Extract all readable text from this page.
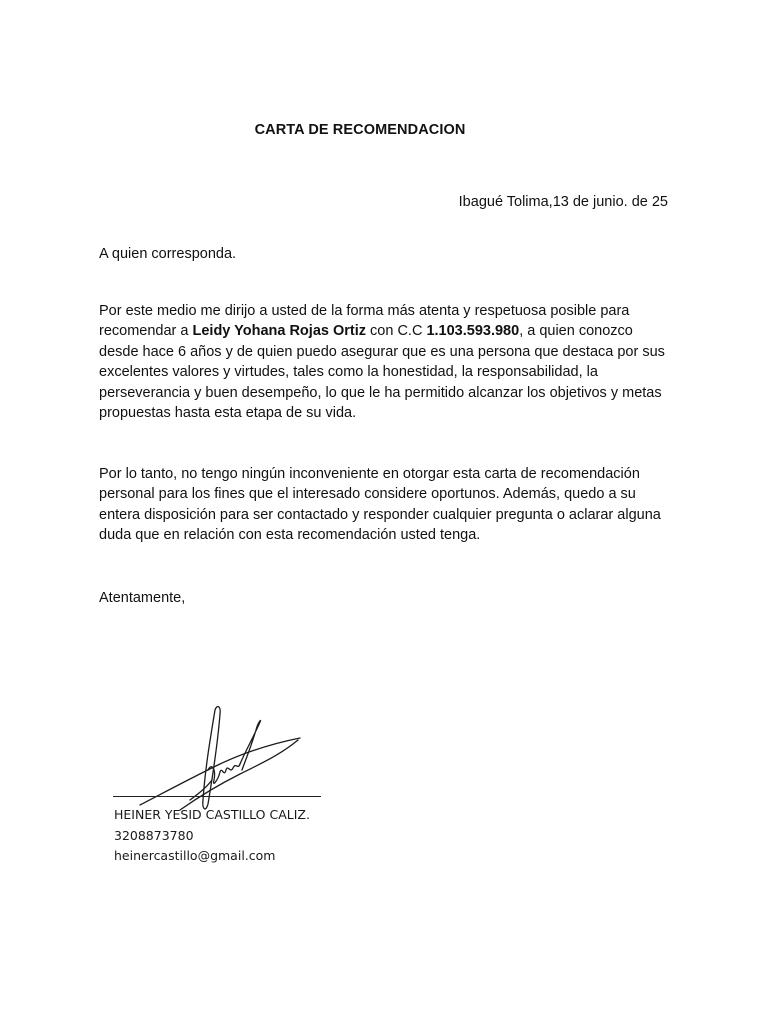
CARTA DE RECOMENDACION
Ibagué Tolima,13 de junio. de 25
A quien corresponda.
Por este medio me dirijo a usted de la forma más atenta y respetuosa posible para recomendar a Leidy Yohana Rojas Ortiz con C.C 1.103.593.980, a quien conozco desde hace 6 años y de quien puedo asegurar que es una persona que destaca por sus excelentes valores y virtudes, tales como la honestidad, la responsabilidad, la perseverancia y buen desempeño, lo que le ha permitido alcanzar los objetivos y metas propuestas hasta esta etapa de su vida.
Por lo tanto, no tengo ningún inconveniente en otorgar esta carta de recomendación personal para los fines que el interesado considere oportunos. Además, quedo a su entera disposición para ser contactado y responder cualquier pregunta o aclarar alguna duda que en relación con esta recomendación usted tenga.
Atentamente,
HEINER YESID CASTILLO CALIZ.
3208873780
heinercastillo@gmail.com
